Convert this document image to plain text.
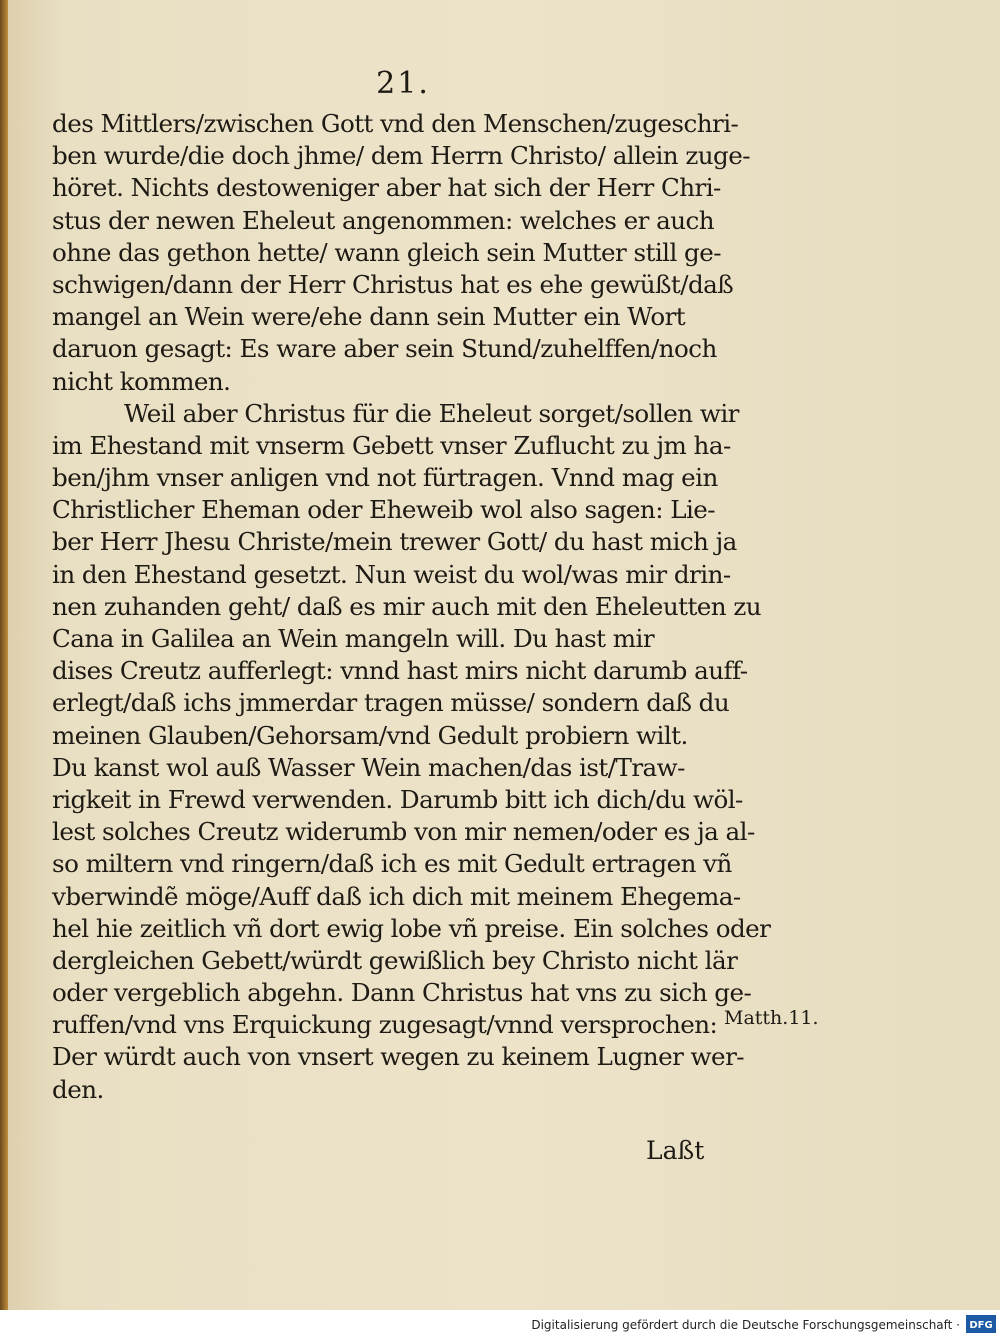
21.
des Mittlers/zwischen Gott vnd den Menschen/zugeschri-
ben wurde/die doch jhme/ dem Herrn Christo/ allein zuge-
höret. Nichts destoweniger aber hat sich der Herr Chri-
stus der newen Eheleut angenommen: welches er auch
ohne das gethon hette/ wann gleich sein Mutter still ge-
schwigen/dann der Herr Christus hat es ehe gewüßt/daß
mangel an Wein were/ehe dann sein Mutter ein Wort
daruon gesagt: Es ware aber sein Stund/zuhelffen/noch
nicht kommen.
Weil aber Christus für die Eheleut sorget/sollen wir
im Ehestand mit vnserm Gebett vnser Zuflucht zu jm ha-
ben/jhm vnser anligen vnd not fürtragen. Vnnd mag ein
Christlicher Eheman oder Eheweib wol also sagen: Lie-
ber Herr Jhesu Christe/mein trewer Gott/ du hast mich ja
in den Ehestand gesetzt. Nun weist du wol/was mir drin-
nen zuhanden geht/ daß es mir auch mit den Eheleutten zu
Cana in Galilea an Wein mangeln will. Du hast mir
dises Creutz aufferlegt: vnnd hast mirs nicht darumb auff-
erlegt/daß ichs jmmerdar tragen müsse/ sondern daß du
meinen Glauben/Gehorsam/vnd Gedult probiern wilt.
Du kanst wol auß Wasser Wein machen/das ist/Traw-
rigkeit in Frewd verwenden. Darumb bitt ich dich/du wöl-
lest solches Creutz widerumb von mir nemen/oder es ja al-
so miltern vnd ringern/daß ich es mit Gedult ertragen vñ
vberwindẽ möge/Auff daß ich dich mit meinem Ehegema-
hel hie zeitlich vñ dort ewig lobe vñ preise. Ein solches oder
dergleichen Gebett/würdt gewißlich bey Christo nicht lär
oder vergeblich abgehn. Dann Christus hat vns zu sich ge-
ruffen/vnd vns Erquickung zugesagt/vnnd versprochen:
Der würdt auch von vnsert wegen zu keinem Lugner wer-
den.
Matth.11.
Laßt
Digitalisierung gefördert durch die Deutsche Forschungsgemeinschaft · DFG
